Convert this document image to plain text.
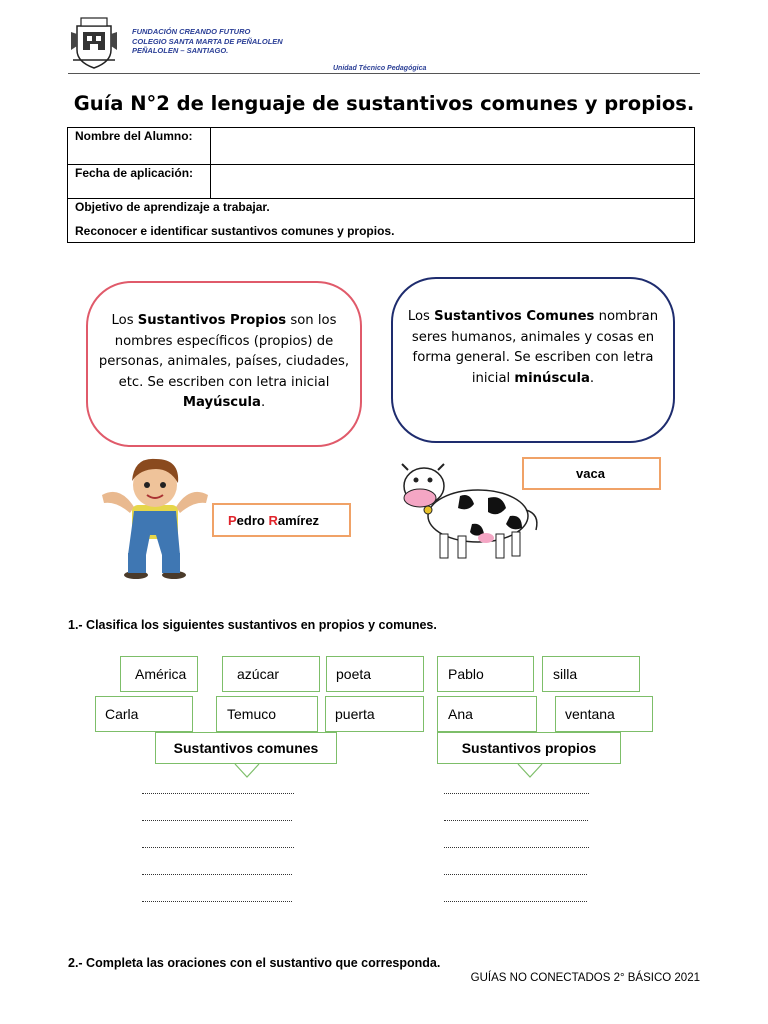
FUNDACIÓN CREANDO FUTURO
COLEGIO SANTA MARTA DE PEÑALOLEN
PEÑALOLEN – SANTIAGO.
Unidad Técnico Pedagógica
Guía N°2 de lenguaje de sustantivos comunes y propios.
Nombre del Alumno:	
Fecha de aplicación:	

Objetivo de aprendizaje a trabajar.
Reconocer e identificar sustantivos comunes y propios.	
Los Sustantivos Propios son los nombres específicos (propios) de personas, animales, países, ciudades, etc. Se escriben con letra inicial Mayúscula.
Los Sustantivos Comunes nombran seres humanos, animales y cosas en forma general. Se escriben con letra inicial minúscula.
Pedro Ramírez
vaca
1.- Clasifica los siguientes sustantivos en propios y comunes.
América	azúcar	poeta	Pablo	silla
Carla	Temuco	puerta	Ana	ventana
Sustantivos comunes	Sustantivos propios
2.- Completa las oraciones con el sustantivo que corresponda.
GUÍAS NO CONECTADOS 2° BÁSICO 2021
